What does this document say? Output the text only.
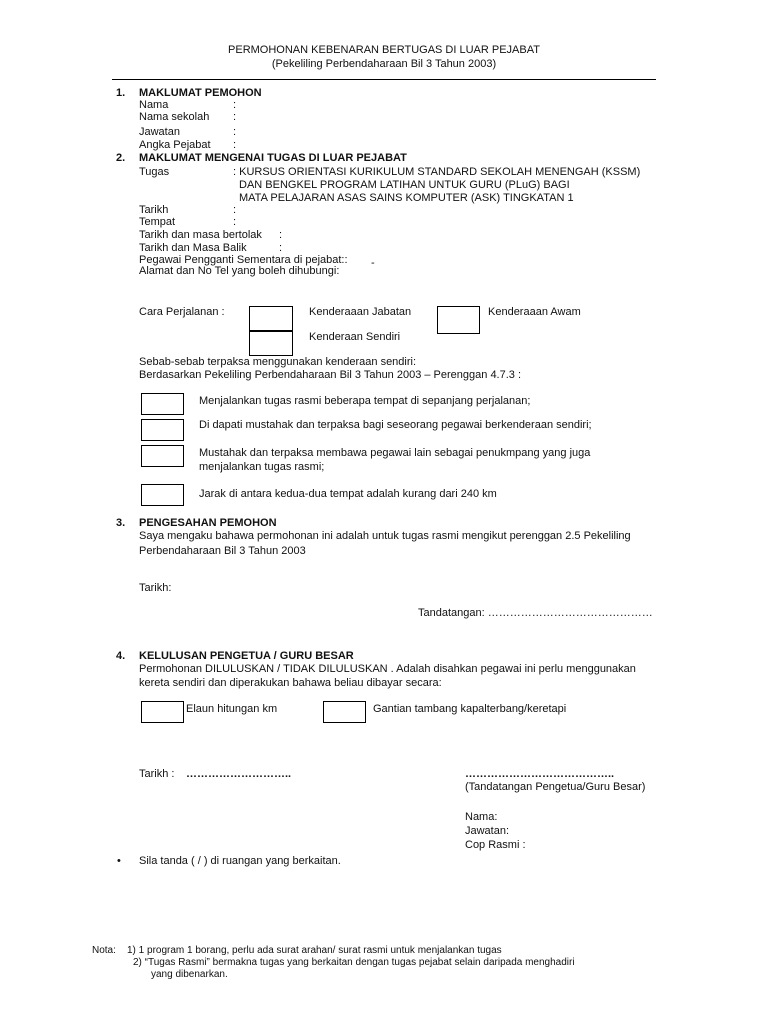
PERMOHONAN KEBENARAN BERTUGAS DI LUAR PEJABAT
(Pekeliling Perbendaharaan Bil 3 Tahun 2003)
1. MAKLUMAT PEMOHON
Nama	:
Nama sekolah :
Jawatan	:
Angka Pejabat :
2. MAKLUMAT MENGENAI TUGAS DI LUAR PEJABAT
Tugas	: KURSUS ORIENTASI KURIKULUM STANDARD SEKOLAH MENENGAH (KSSM)
DAN BENGKEL PROGRAM LATIHAN UNTUK GURU (PLuG) BAGI
MATA PELAJARAN ASAS SAINS KOMPUTER (ASK) TINGKATAN 1
Tarikh	:
Tempat	:
Tarikh dan masa bertolak :
Tarikh dan Masa Balik	:
Pegawai Pengganti Sementara di pejabat:: -
Alamat dan No Tel yang boleh dihubungi:
Cara Perjalanan :	Kenderaaan Jabatan
Kenderaan Sendiri
Kenderaaan Awam
Sebab-sebab terpaksa menggunakan kenderaan sendiri:
Berdasarkan Pekeliling Perbendaharaan Bil 3 Tahun 2003 – Perenggan 4.7.3 :
Menjalankan tugas rasmi beberapa tempat di sepanjang perjalanan;
Di dapati mustahak dan terpaksa bagi seseorang pegawai berkenderaan sendiri;
Mustahak dan terpaksa membawa pegawai lain sebagai penukmpang yang juga
menjalankan tugas rasmi;
Jarak di antara kedua-dua tempat adalah kurang dari 240 km
3. PENGESAHAN PEMOHON
Saya mengaku bahawa permohonan ini adalah untuk tugas rasmi mengikut perenggan 2.5 Pekeliling
Perbendaharaan Bil 3 Tahun 2003
Tarikh:
Tandatangan: ………………………………………
4. KELULUSAN PENGETUA / GURU BESAR
Permohonan DILULUSKAN / TIDAK DILULUSKAN . Adalah disahkan pegawai ini perlu menggunakan
kereta sendiri dan diperakukan bahawa beliau dibayar secara:
Elaun hitungan km	Gantian tambang kapalterbang/keretapi
Tarikh : ………………………..	…………………………………..
(Tandatangan Pengetua/Guru Besar)
Nama:
Jawatan:
Cop Rasmi :
• Sila tanda ( / ) di ruangan yang berkaitan.
Nota: 1) 1 program 1 borang, perlu ada surat arahan/ surat rasmi untuk menjalankan tugas
2) “Tugas Rasmi” bermakna tugas yang berkaitan dengan tugas pejabat selain daripada menghadiri
yang dibenarkan.
